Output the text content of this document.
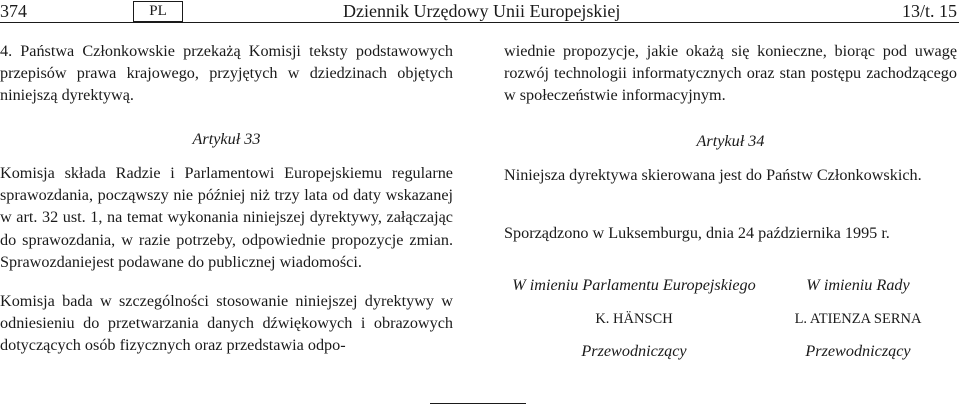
374	PL	Dziennik Urzędowy Unii Europejskiej	13/t. 15

4. Państwa Członkowskie przekażą Komisji teksty podstawowych przepisów prawa krajowego, przyjętych w dziedzinach objętych niniejszą dyrektywą.

Artykuł 33

Komisja składa Radzie i Parlamentowi Europejskiemu regularne sprawozdania, począwszy nie później niż trzy lata od daty wskazanej w art. 32 ust. 1, na temat wykonania niniejszej dyrektywy, załączając do sprawozdania, w razie potrzeby, odpowiednie propozycje zmian. Sprawozdaniejest podawane do publicznej wiadomości.

Komisja bada w szczególności stosowanie niniejszej dyrektywy w odniesieniu do przetwarzania danych dźwiękowych i obrazowych dotyczących osób fizycznych oraz przedstawia odpo-

wiednie propozycje, jakie okażą się konieczne, biorąc pod uwagę rozwój technologii informatycznych oraz stan postępu zachodzącego w społeczeństwie informacyjnym.

Artykuł 34

Niniejsza dyrektywa skierowana jest do Państw Członkowskich.

Sporządzono w Luksemburgu, dnia 24 października 1995 r.

W imieniu Parlamentu Europejskiego
K. HÄNSCH
Przewodniczący
W imieniu Rady
L. ATIENZA SERNA
Przewodniczący
